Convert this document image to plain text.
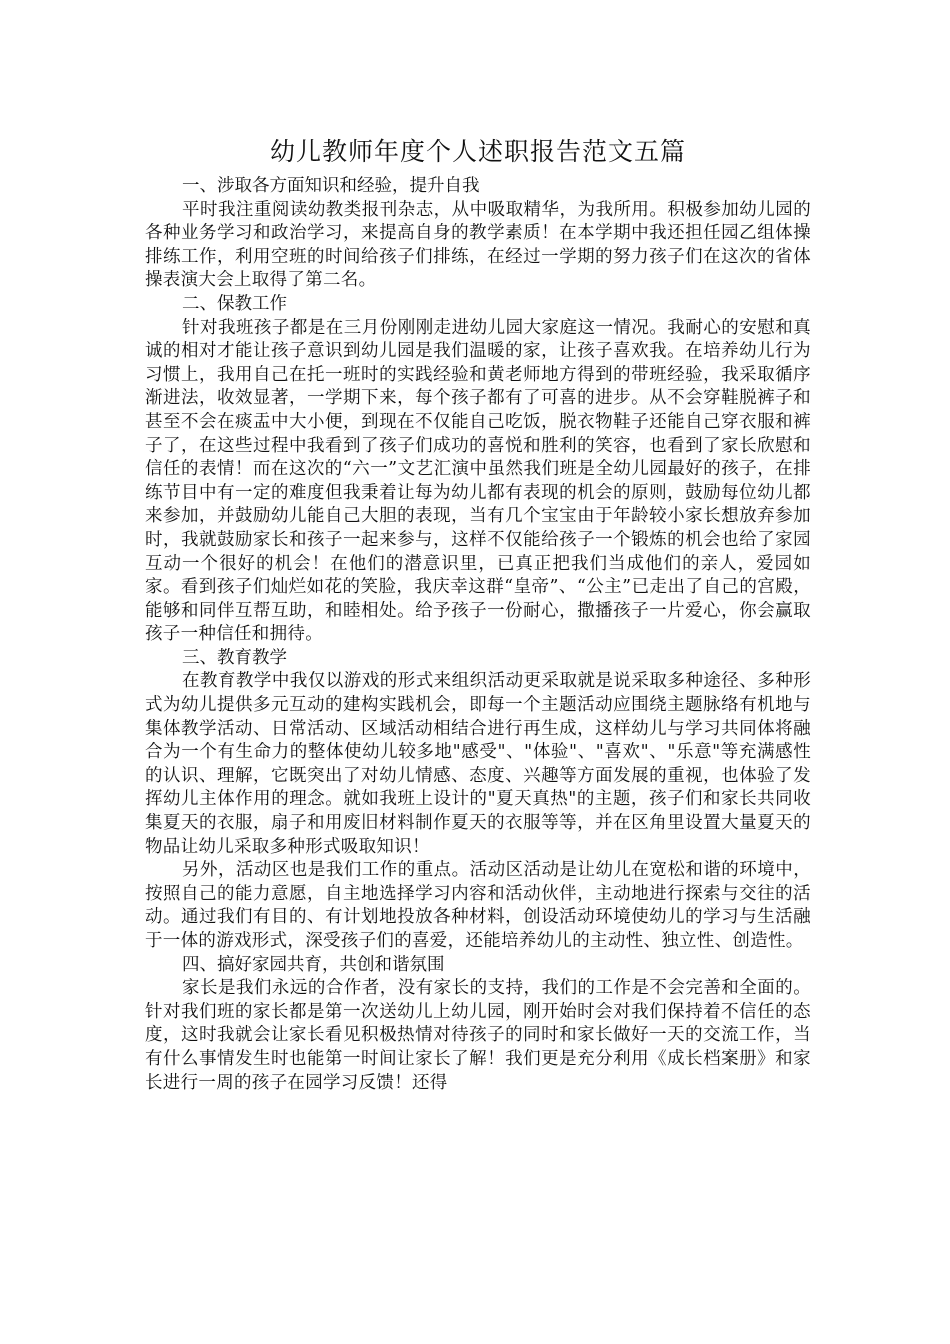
幼儿教师年度个人述职报告范文五篇

一、涉取各方面知识和经验，提升自我

平时我注重阅读幼教类报刊杂志，从中吸取精华，为我所用。积极参加幼儿园的各种业务学习和政治学习，来提高自身的教学素质！在本学期中我还担任园乙组体操排练工作，利用空班的时间给孩子们排练，在经过一学期的努力孩子们在这次的省体操表演大会上取得了第二名。

二、保教工作

针对我班孩子都是在三月份刚刚走进幼儿园大家庭这一情况。我耐心的安慰和真诚的相对才能让孩子意识到幼儿园是我们温暖的家，让孩子喜欢我。在培养幼儿行为习惯上，我用自己在托一班时的实践经验和黄老师地方得到的带班经验，我采取循序渐进法，收效显著，一学期下来，每个孩子都有了可喜的进步。从不会穿鞋脱裤子和甚至不会在痰盂中大小便，到现在不仅能自己吃饭，脱衣物鞋子还能自己穿衣服和裤子了，在这些过程中我看到了孩子们成功的喜悦和胜利的笑容，也看到了家长欣慰和信任的表情！而在这次的“六一”文艺汇演中虽然我们班是全幼儿园最好的孩子，在排练节目中有一定的难度但我秉着让每为幼儿都有表现的机会的原则，鼓励每位幼儿都来参加，并鼓励幼儿能自己大胆的表现，当有几个宝宝由于年龄较小家长想放弃参加时，我就鼓励家长和孩子一起来参与，这样不仅能给孩子一个锻炼的机会也给了家园互动一个很好的机会！在他们的潜意识里，已真正把我们当成他们的亲人，爱园如家。看到孩子们灿烂如花的笑脸，我庆幸这群“皇帝”、“公主”已走出了自己的宫殿，能够和同伴互帮互助，和睦相处。给予孩子一份耐心，撒播孩子一片爱心，你会赢取孩子一种信任和拥待。

三、教育教学

在教育教学中我仅以游戏的形式来组织活动更采取就是说采取多种途径、多种形式为幼儿提供多元互动的建构实践机会，即每一个主题活动应围绕主题脉络有机地与集体教学活动、日常活动、区域活动相结合进行再生成，这样幼儿与学习共同体将融合为一个有生命力的整体使幼儿较多地"感受"、"体验"、"喜欢"、"乐意"等充满感性的认识、理解，它既突出了对幼儿情感、态度、兴趣等方面发展的重视，也体验了发挥幼儿主体作用的理念。就如我班上设计的"夏天真热"的主题，孩子们和家长共同收集夏天的衣服，扇子和用废旧材料制作夏天的衣服等等，并在区角里设置大量夏天的物品让幼儿采取多种形式吸取知识！

另外，活动区也是我们工作的重点。活动区活动是让幼儿在宽松和谐的环境中，按照自己的能力意愿，自主地选择学习内容和活动伙伴，主动地进行探索与交往的活动。通过我们有目的、有计划地投放各种材料，创设活动环境使幼儿的学习与生活融于一体的游戏形式，深受孩子们的喜爱，还能培养幼儿的主动性、独立性、创造性。

四、搞好家园共育，共创和谐氛围

家长是我们永远的合作者，没有家长的支持，我们的工作是不会完善和全面的。针对我们班的家长都是第一次送幼儿上幼儿园，刚开始时会对我们保持着不信任的态度，这时我就会让家长看见积极热情对待孩子的同时和家长做好一天的交流工作，当有什么事情发生时也能第一时间让家长了解！我们更是充分利用《成长档案册》和家长进行一周的孩子在园学习反馈！还得
